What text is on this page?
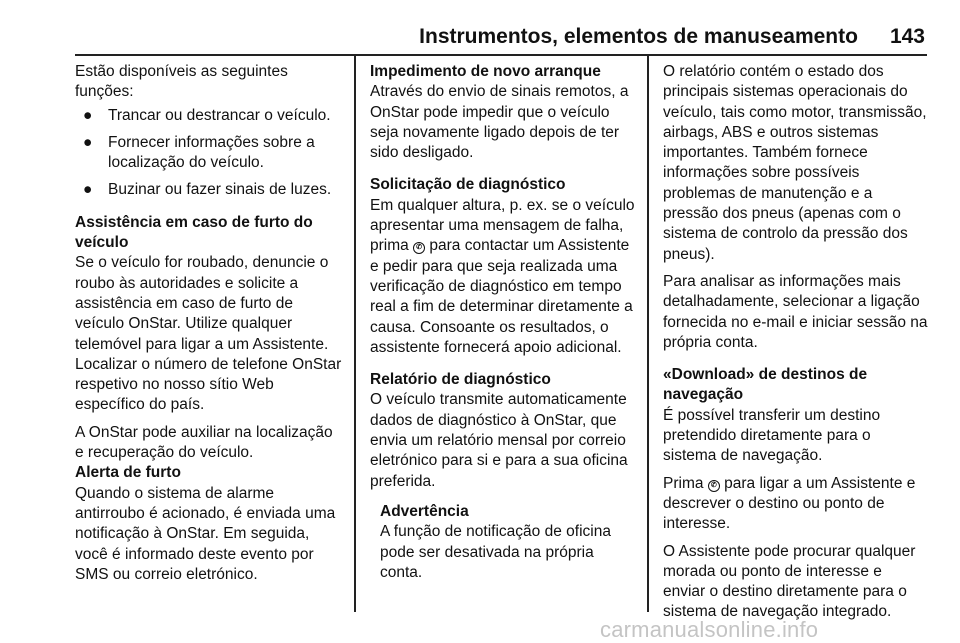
Instrumentos, elementos de manuseamento 143

Estão disponíveis as seguintes funções:

● Trancar ou destrancar o veículo.
● Fornecer informações sobre a localização do veículo.
● Buzinar ou fazer sinais de luzes.

Assistência em caso de furto do veículo

Se o veículo for roubado, denuncie o roubo às autoridades e solicite a assistência em caso de furto de veículo OnStar. Utilize qualquer telemóvel para ligar a um Assistente. Localizar o número de telefone OnStar respetivo no nosso sítio Web específico do país.

A OnStar pode auxiliar na localização e recuperação do veículo.

Alerta de furto

Quando o sistema de alarme antirroubo é acionado, é enviada uma notificação à OnStar. Em seguida, você é informado deste evento por SMS ou correio eletrónico.

Impedimento de novo arranque

Através do envio de sinais remotos, a OnStar pode impedir que o veículo seja novamente ligado depois de ter sido desligado.

Solicitação de diagnóstico

Em qualquer altura, p. ex. se o veículo apresentar uma mensagem de falha, prima ✆ para contactar um Assistente e pedir para que seja realizada uma verificação de diagnóstico em tempo real a fim de determinar diretamente a causa. Consoante os resultados, o assistente fornecerá apoio adicional.

Relatório de diagnóstico

O veículo transmite automaticamente dados de diagnóstico à OnStar, que envia um relatório mensal por correio eletrónico para si e para a sua oficina preferida.

Advertência
A função de notificação de oficina pode ser desativada na própria conta.

O relatório contém o estado dos principais sistemas operacionais do veículo, tais como motor, transmissão, airbags, ABS e outros sistemas importantes. Também fornece informações sobre possíveis problemas de manutenção e a pressão dos pneus (apenas com o sistema de controlo da pressão dos pneus).

Para analisar as informações mais detalhadamente, selecionar a ligação fornecida no e-mail e iniciar sessão na própria conta.

«Download» de destinos de navegação

É possível transferir um destino pretendido diretamente para o sistema de navegação.

Prima ✆ para ligar a um Assistente e descrever o destino ou ponto de interesse.

O Assistente pode procurar qualquer morada ou ponto de interesse e enviar o destino diretamente para o sistema de navegação integrado.

carmanualsonline.info
